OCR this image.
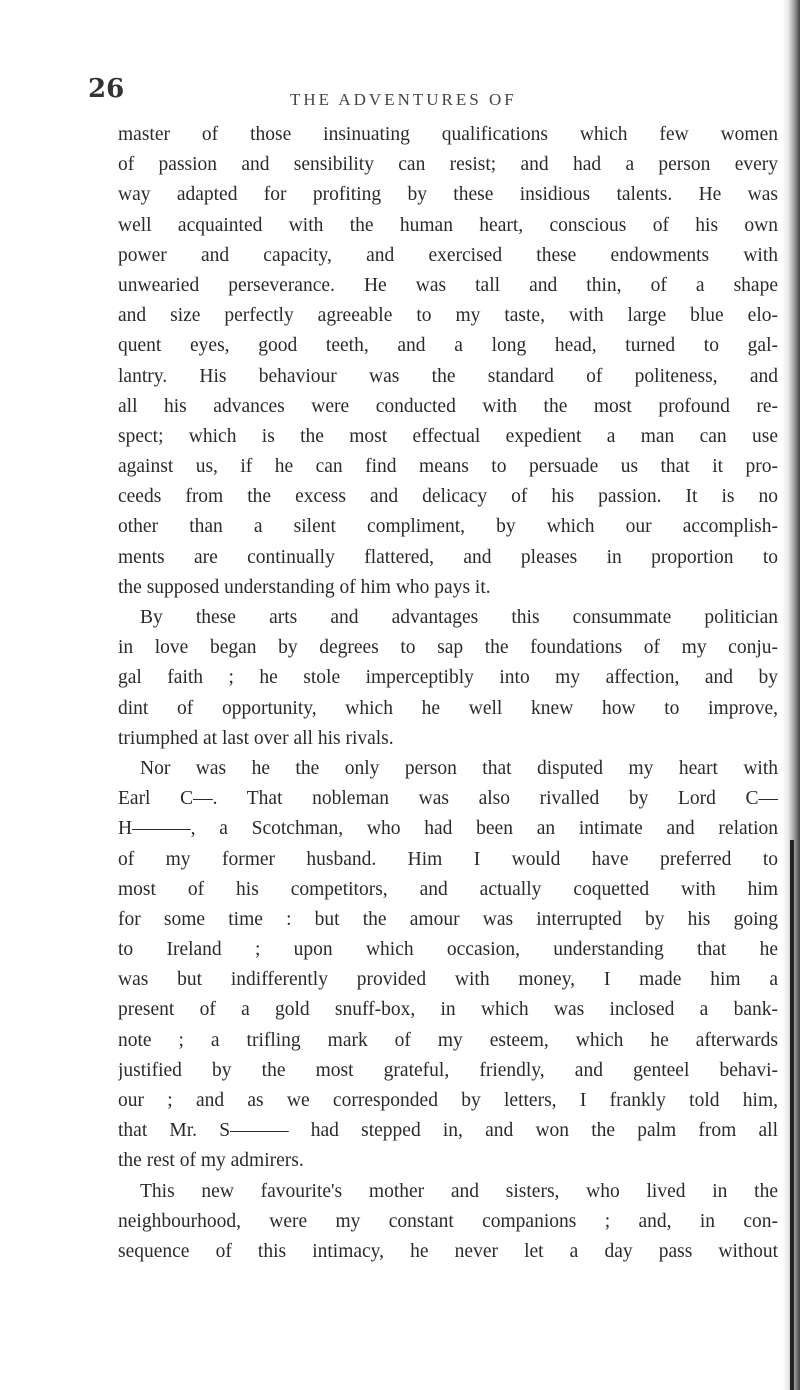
26	THE ADVENTURES OF
master of those insinuating qualifications which few women
of passion and sensibility can resist; and had a person every
way adapted for profiting by these insidious talents. He was
well acquainted with the human heart, conscious of his own
power and capacity, and exercised these endowments with
unwearied perseverance. He was tall and thin, of a shape
and size perfectly agreeable to my taste, with large blue elo-
quent eyes, good teeth, and a long head, turned to gal-
lantry. His behaviour was the standard of politeness, and
all his advances were conducted with the most profound re-
spect; which is the most effectual expedient a man can use
against us, if he can find means to persuade us that it pro-
ceeds from the excess and delicacy of his passion. It is no
other than a silent compliment, by which our accomplish-
ments are continually flattered, and pleases in proportion to
the supposed understanding of him who pays it.
By these arts and advantages this consummate politician
in love began by degrees to sap the foundations of my conju-
gal faith ; he stole imperceptibly into my affection, and by
dint of opportunity, which he well knew how to improve,
triumphed at last over all his rivals.
Nor was he the only person that disputed my heart with
Earl C—. That nobleman was also rivalled by Lord C—
H———, a Scotchman, who had been an intimate and relation
of my former husband. Him I would have preferred to
most of his competitors, and actually coquetted with him
for some time : but the amour was interrupted by his going
to Ireland ; upon which occasion, understanding that he
was but indifferently provided with money, I made him a
present of a gold snuff-box, in which was inclosed a bank-
note ; a trifling mark of my esteem, which he afterwards
justified by the most grateful, friendly, and genteel behavi-
our ; and as we corresponded by letters, I frankly told him,
that Mr. S——— had stepped in, and won the palm from all
the rest of my admirers.
This new favourite's mother and sisters, who lived in the
neighbourhood, were my constant companions ; and, in con-
sequence of this intimacy, he never let a day pass without
